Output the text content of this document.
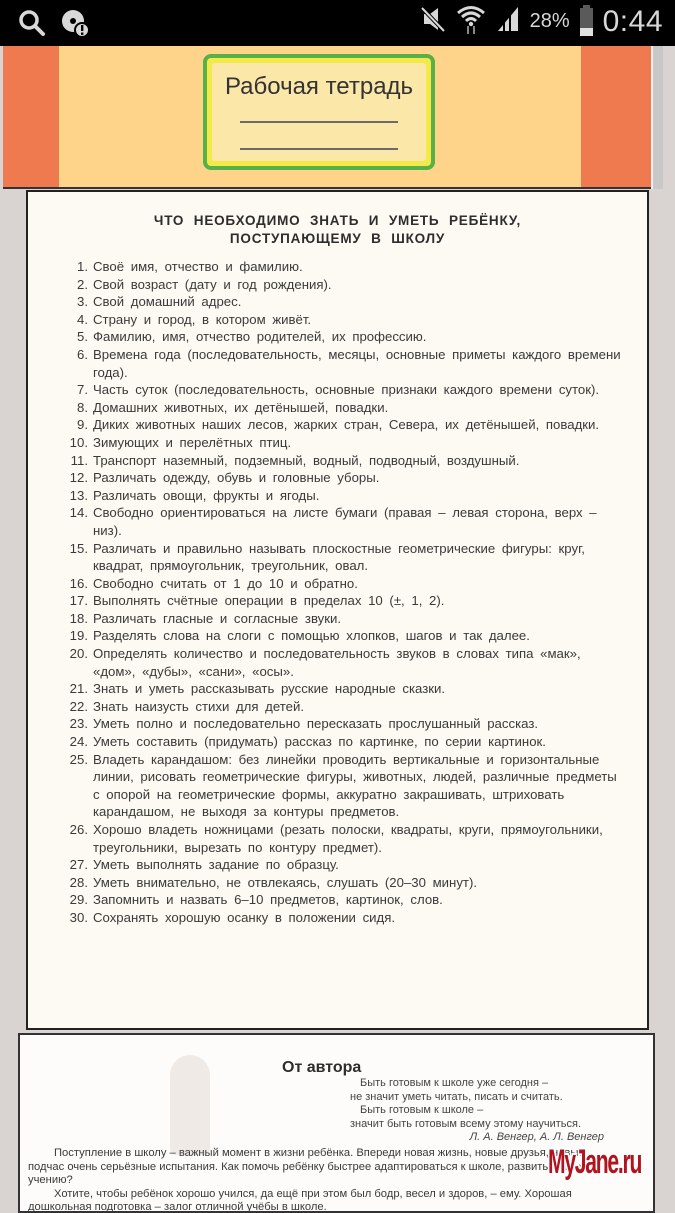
28% 0:44
Рабочая тетрадь
ЧТО НЕОБХОДИМО ЗНАТЬ И УМЕТЬ РЕБЁНКУ,
ПОСТУПАЮЩЕМУ В ШКОЛУ
1. Своё имя, отчество и фамилию.
2. Свой возраст (дату и год рождения).
3. Свой домашний адрес.
4. Страну и город, в котором живёт.
5. Фамилию, имя, отчество родителей, их профессию.
6. Времена года (последовательность, месяцы, основные приметы каждого времени года).
7. Часть суток (последовательность, основные признаки каждого времени суток).
8. Домашних животных, их детёнышей, повадки.
9. Диких животных наших лесов, жарких стран, Севера, их детёнышей, повадки.
10. Зимующих и перелётных птиц.
11. Транспорт наземный, подземный, водный, подводный, воздушный.
12. Различать одежду, обувь и головные уборы.
13. Различать овощи, фрукты и ягоды.
14. Свободно ориентироваться на листе бумаги (правая – левая сторона, верх – низ).
15. Различать и правильно называть плоскостные геометрические фигуры: круг, квадрат, прямоугольник, треугольник, овал.
16. Свободно считать от 1 до 10 и обратно.
17. Выполнять счётные операции в пределах 10 (±, 1, 2).
18. Различать гласные и согласные звуки.
19. Разделять слова на слоги с помощью хлопков, шагов и так далее.
20. Определять количество и последовательность звуков в словах типа «мак», «дом», «дубы», «сани», «осы».
21. Знать и уметь рассказывать русские народные сказки.
22. Знать наизусть стихи для детей.
23. Уметь полно и последовательно пересказать прослушанный рассказ.
24. Уметь составить (придумать) рассказ по картинке, по серии картинок.
25. Владеть карандашом: без линейки проводить вертикальные и горизонтальные линии, рисовать геометрические фигуры, животных, людей, различные предметы с опорой на геометрические формы, аккуратно закрашивать, штриховать карандашом, не выходя за контуры предметов.
26. Хорошо владеть ножницами (резать полоски, квадраты, круги, прямоугольники, треугольники, вырезать по контуру предмет).
27. Уметь выполнять задание по образцу.
28. Уметь внимательно, не отвлекаясь, слушать (20–30 минут).
29. Запомнить и назвать 6–10 предметов, картинок, слов.
30. Сохранять хорошую осанку в положении сидя.
От автора
Быть готовым к школе уже сегодня –
не значит уметь читать, писать и считать.
Быть готовым к школе –
значит быть готовым всему этому научиться.
Л. А. Венгер, А. Л. Венгер

Поступление в школу – важный момент в жизни ребёнка. Впереди новая жизнь, новые друзья, новые, подчас очень серьёзные испытания. Как помочь ребёнку быстрее адаптироваться к школе, развить интерес к учению?

Хотите, чтобы ребёнок хорошо учился, да ещё при этом был бодр, весел и здоров, – ему. Хорошая дошкольная подготовка – залог отличной учёбы в школе.

MyJane.ru
